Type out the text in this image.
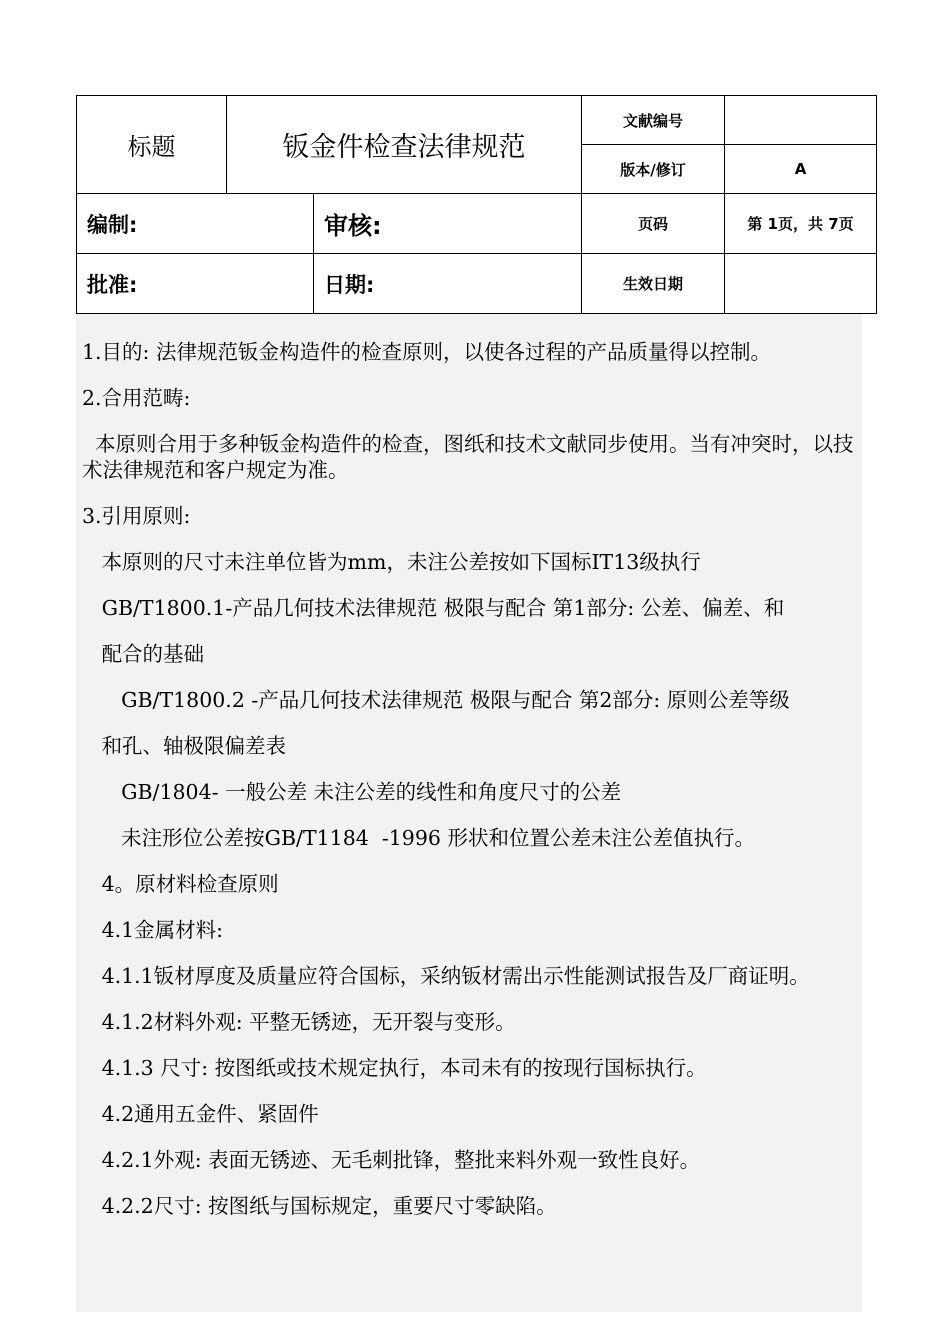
标题	钣金件检查法律规范		文献编号	
			版本/修订	A
编制:		审核:	页码	第 1页，共 7页
批准:		日期:	生效日期	

1.目的: 法律规范钣金构造件的检查原则，以使各过程的产品质量得以控制。

2.合用范畴:

本原则合用于多种钣金构造件的检查，图纸和技术文献同步使用。当有冲突时，以技术法律规范和客户规定为准。

3.引用原则:

本原则的尺寸未注单位皆为mm，未注公差按如下国标IT13级执行

GB/T1800.1-产品几何技术法律规范 极限与配合 第1部分: 公差、偏差、和

配合的基础

GB/T1800.2 -产品几何技术法律规范 极限与配合 第2部分: 原则公差等级

和孔、轴极限偏差表

GB/1804- 一般公差 未注公差的线性和角度尺寸的公差

未注形位公差按GB/T1184  -1996 形状和位置公差未注公差值执行。

4。原材料检查原则

4.1金属材料:

4.1.1钣材厚度及质量应符合国标，采纳钣材需出示性能测试报告及厂商证明。

4.1.2材料外观: 平整无锈迹，无开裂与变形。

4.1.3 尺寸: 按图纸或技术规定执行，本司未有的按现行国标执行。

4.2通用五金件、紧固件

4.2.1外观: 表面无锈迹、无毛刺批锋，整批来料外观一致性良好。

4.2.2尺寸: 按图纸与国标规定，重要尺寸零缺陷。
